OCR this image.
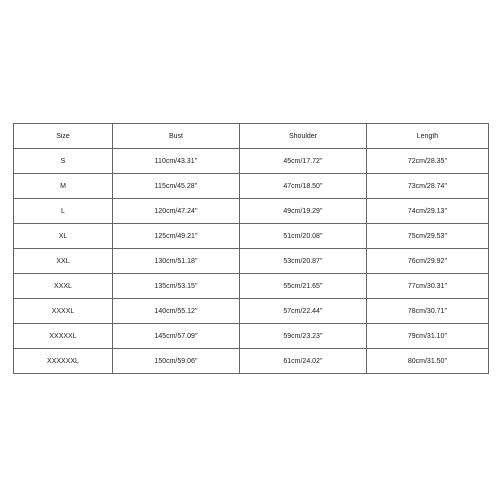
Size	Bust	Shoulder	Length
S	110cm/43.31''	45cm/17.72''	72cm/28.35''
M	115cm/45.28''	47cm/18.50''	73cm/28.74''
L	120cm/47.24''	49cm/19.29''	74cm/29.13''
XL	125cm/49.21''	51cm/20.08''	75cm/29.53''
XXL	130cm/51.18''	53cm/20.87''	76cm/29.92''
XXXL	135cm/53.15''	55cm/21.65''	77cm/30.31''
XXXXL	140cm/55.12''	57cm/22.44''	78cm/30.71''
XXXXXL	145cm/57.09''	59cm/23.23''	79cm/31.10''
XXXXXXL	150cm/59.06''	61cm/24.02''	80cm/31.50''
